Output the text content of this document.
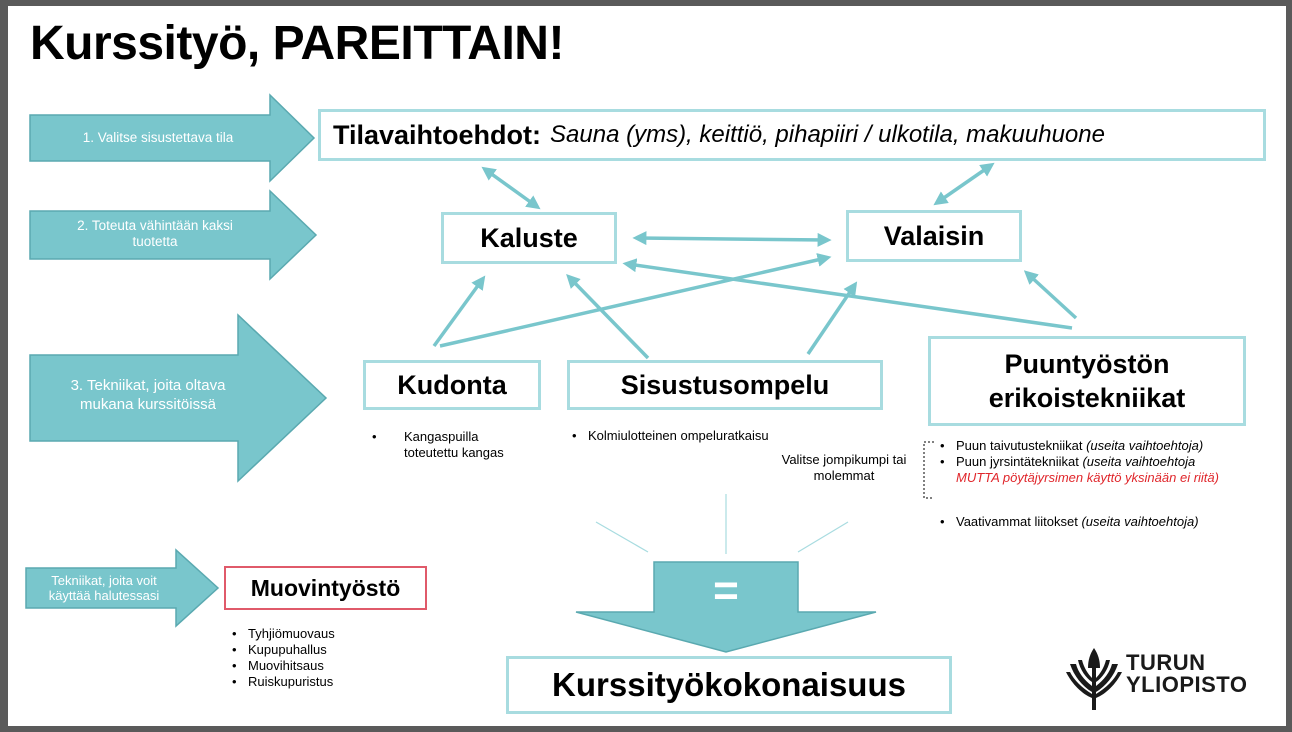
Kurssityö, PAREITTAIN!
1. Valitse sisustettava tila
2. Toteuta vähintään kaksi tuotetta
3. Tekniikat, joita oltava mukana kurssitöissä
Tekniikat, joita voit käyttää halutessasi
Tilavaihtoehdot: Sauna (yms), keittiö, pihapiiri / ulkotila, makuuhuone
Kaluste	Valaisin
Kudonta	Sisustusompelu
Puuntyöstön
erikoistekniikat
• Kangaspuilla toteutettu kangas
• Kolmiulotteinen ompeluratkaisu
Valitse jompikumpi tai molemmat
• Puun taivutustekniikat (useita vaihtoehtoja)
• Puun jyrsintätekniikat (useita vaihtoehtoja
MUTTA pöytäjyrsimen käyttö yksinään ei riitä)
• Vaativammat liitokset (useita vaihtoehtoja)
Muovintyöstö
• Tyhjiömuovaus
• Kupupuhallus
• Muovihitsaus
• Ruiskupuristus
=
Kurssityökokonaisuus
TURUN
YLIOPISTO
